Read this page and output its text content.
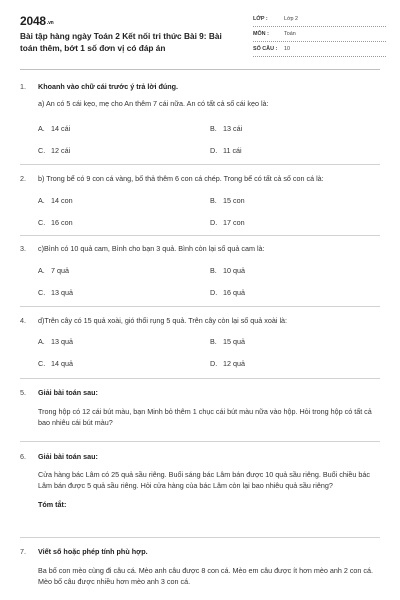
2048.vn
Bài tập hàng ngày Toán 2 Kết nối tri thức Bài 9: Bài toán thêm, bớt 1 số đơn vị có đáp án
LỚP :	Lớp 2
MÔN :	Toán
SỐ CÂU : 10
1.	Khoanh vào chữ cái trước ý trả lời đúng.
a) An có 5 cái kẹo, mẹ cho An thêm 7 cái nữa. An có tất cả số cái kẹo là:
A. 14 cái	B. 13 cái
C. 12 cái	D. 11 cái
2.	b) Trong bể có 9 con cá vàng, bố thả thêm 6 con cá chép. Trong bể có tất cả số con cá là:
A. 14 con	B. 15 con
C. 16 con	D. 17 con
3.	c)Bình có 10 quả cam, Bình cho bạn 3 quả. Bình còn lại số quả cam là:
A. 7 quả	B. 10 quả
C. 13 quả	D. 16 quả
4.	d)Trên cây có 15 quả xoài, gió thổi rụng 5 quả. Trên cây còn lại số quả xoài là:
A. 13 quả	B. 15 quả
C. 14 quả	D. 12 quả
5.	Giải bài toán sau:
Trong hộp có 12 cái bút màu, bạn Minh bỏ thêm 1 chục cái bút màu nữa vào hộp. Hỏi trong hộp có tất cả bao nhiêu cái bút màu?
6.	Giải bài toán sau:
Cửa hàng bác Lâm có 25 quả sầu riêng. Buổi sáng bác Lâm bán được 10 quả sầu riêng. Buổi chiều bác Lâm bán được 5 quả sầu riêng. Hỏi cửa hàng của bác Lâm còn lại bao nhiêu quả sầu riêng?
Tóm tắt:
7.	Viết số hoặc phép tính phù hợp.
Ba bố con mèo cùng đi câu cá. Mèo anh câu được 8 con cá. Mèo em câu được ít hơn mèo anh 2 con cá. Mèo bố câu được nhiều hơn mèo anh 3 con cá.
